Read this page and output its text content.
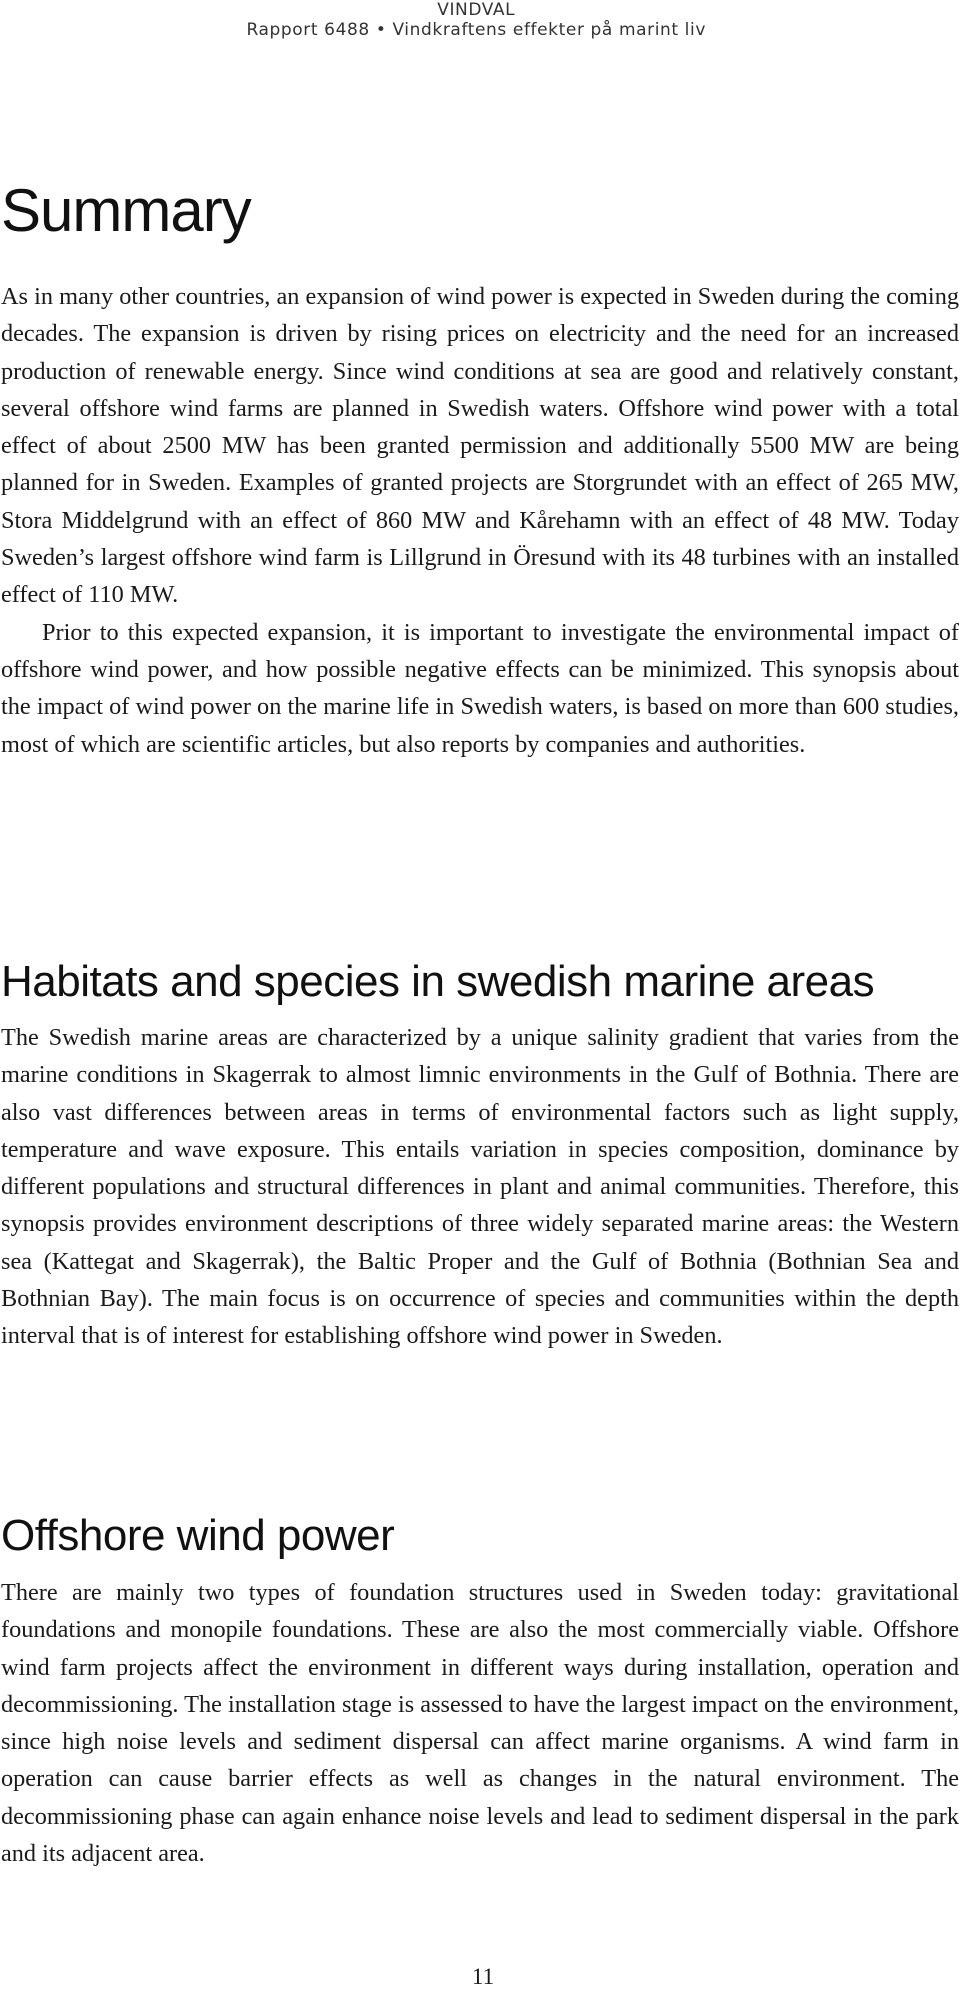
VINDVAL
Rapport 6488 • Vindkraftens effekter på marint liv
Summary

As in many other countries, an expansion of wind power is expected in Sweden during the coming decades. The expansion is driven by rising prices on electricity and the need for an increased production of renewable energy. Since wind conditions at sea are good and relatively constant, several offshore wind farms are planned in Swedish waters. Offshore wind power with a total effect of about 2500 MW has been granted permission and additionally 5500 MW are being planned for in Sweden. Examples of granted projects are Storgrundet with an effect of 265 MW, Stora Middelgrund with an effect of 860 MW and Kårehamn with an effect of 48 MW. Today Sweden’s largest offshore wind farm is Lillgrund in Öresund with its 48 turbines with an installed effect of 110 MW.

Prior to this expected expansion, it is important to investigate the environmental impact of offshore wind power, and how possible negative effects can be minimized. This synopsis about the impact of wind power on the marine life in Swedish waters, is based on more than 600 studies, most of which are scientific articles, but also reports by companies and authorities.

Habitats and species in swedish marine areas

The Swedish marine areas are characterized by a unique salinity gradient that varies from the marine conditions in Skagerrak to almost limnic environments in the Gulf of Bothnia. There are also vast differences between areas in terms of environmental factors such as light supply, temperature and wave exposure. This entails variation in species composition, dominance by different populations and structural differences in plant and animal communities. Therefore, this synopsis provides environment descriptions of three widely separated marine areas: the Western sea (Kattegat and Skagerrak), the Baltic Proper and the Gulf of Bothnia (Bothnian Sea and Bothnian Bay). The main focus is on occurrence of species and communities within the depth interval that is of interest for establishing offshore wind power in Sweden.

Offshore wind power

There are mainly two types of foundation structures used in Sweden today: gravitational foundations and monopile foundations. These are also the most commercially viable. Offshore wind farm projects affect the environment in different ways during installation, operation and decommissioning. The installation stage is assessed to have the largest impact on the environment, since high noise levels and sediment dispersal can affect marine organisms. A wind farm in operation can cause barrier effects as well as changes in the natural environment. The decommissioning phase can again enhance noise levels and lead to sediment dispersal in the park and its adjacent area.

11
